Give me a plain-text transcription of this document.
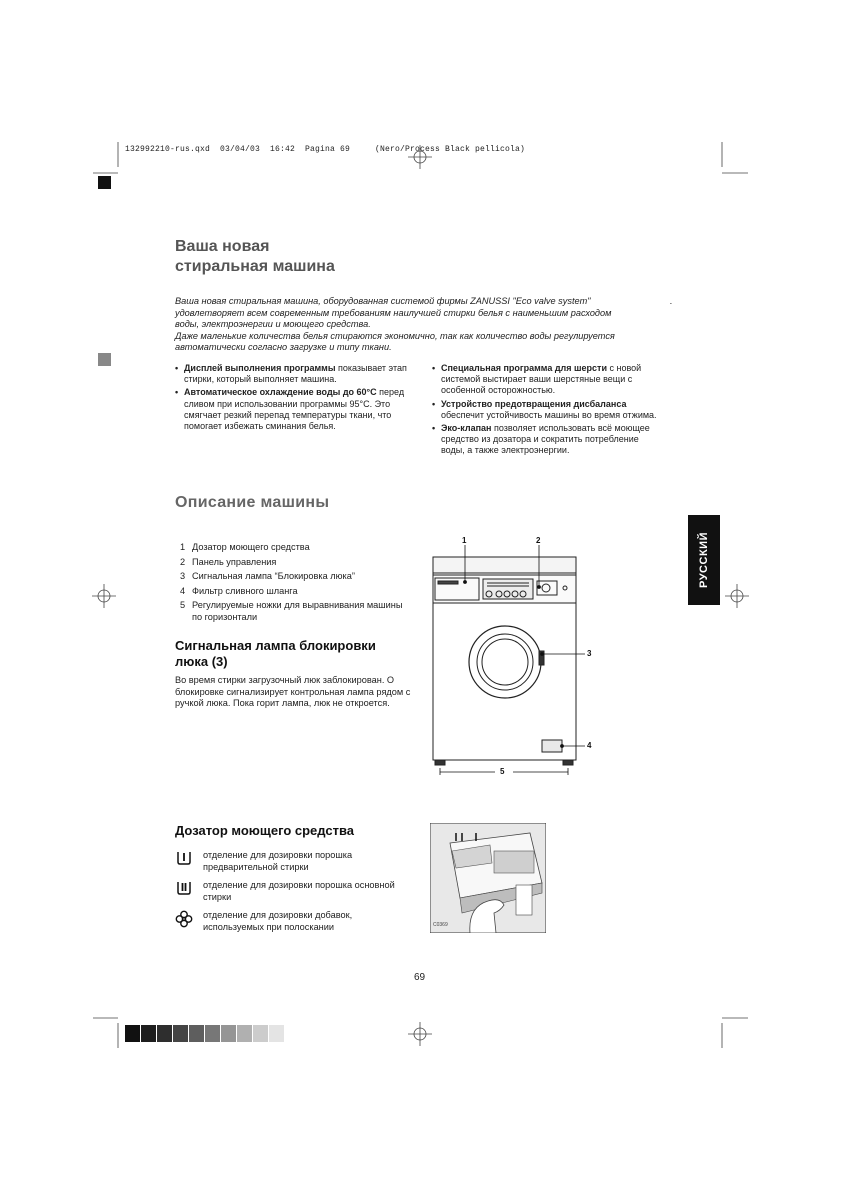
132992210-rus.qxd  03/04/03  16:42  Pagina 69     (Nero/Process Black pellicola)
Ваша новая
стиральная машина
Ваша новая стиральная машина, оборудованная системой фирмы ZANUSSI "Eco valve system"
удовлетворяет всем современным требованиям наилучшей стирки белья с наименьшим расходом
воды, электроэнергии и моющего средства.
Даже маленькие количества белья стираются экономично, так как количество воды регулируется
автоматически согласно загрузке и типу ткани.
.
• Дисплей выполнения программы показывает этап стирки, который выполняет машина.
• Автоматическое охлаждение воды до 60°C перед сливом при использовании программы 95°C. Это смягчает резкий перепад температуры ткани, что помогает избежать сминания белья.
• Специальная программа для шерсти с новой системой выстирает ваши шерстяные вещи с особенной осторожностью.
• Устройство предотвращения дисбаланса обеспечит устойчивость машины во время отжима.
• Эко-клапан позволяет использовать всё моющее средство из дозатора и сократить потребление воды, а также электроэнергии.
Описание машины
1 Дозатор моющего средства
2 Панель управления
3 Сигнальная лампа “Блокировка люка”
4 Фильтр сливного шланга
5 Регулируемые ножки для выравнивания машины по горизонтали
Сигнальная лампа блокировки
люка (3)
Во время стирки загрузочный люк заблокирован. О блокировке сигнализирует контрольная лампа рядом с ручкой люка. Пока горит лампа, люк не откроется.
1	2
3
4
5
Дозатор моющего средства
отделение для дозировки порошка предварительной стирки
отделение для дозировки порошка основной стирки
отделение для дозировки добавок, используемых при полоскании	C0369
РУССКИЙ
69
